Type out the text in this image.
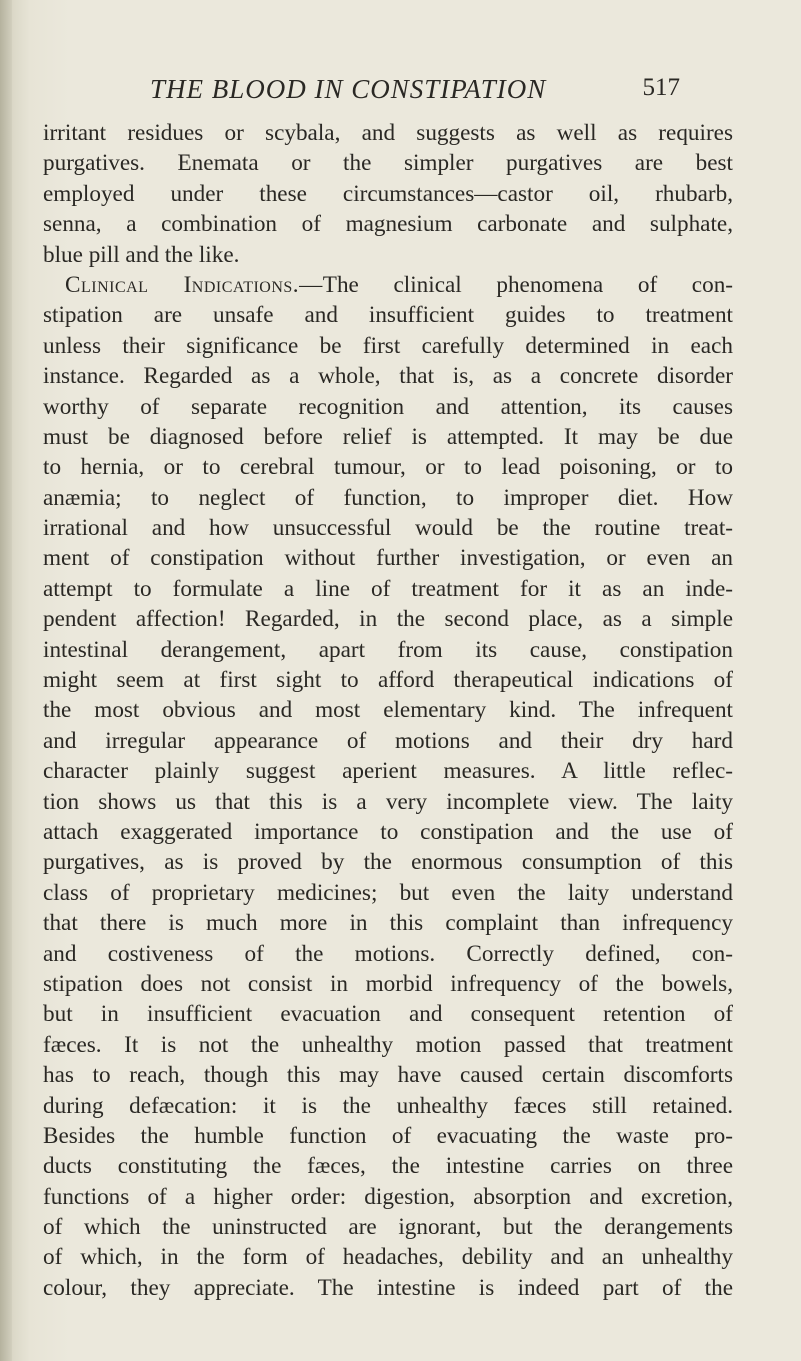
THE BLOOD IN CONSTIPATION	517
irritant residues or scybala, and suggests as well as requires
purgatives. Enemata or the simpler purgatives are best
employed under these circumstances—castor oil, rhubarb,
senna, a combination of magnesium carbonate and sulphate,
blue pill and the like.
Clinical Indications.—The clinical phenomena of con-
stipation are unsafe and insufficient guides to treatment
unless their significance be first carefully determined in each
instance. Regarded as a whole, that is, as a concrete disorder
worthy of separate recognition and attention, its causes
must be diagnosed before relief is attempted. It may be due
to hernia, or to cerebral tumour, or to lead poisoning, or to
anæmia; to neglect of function, to improper diet. How
irrational and how unsuccessful would be the routine treat-
ment of constipation without further investigation, or even an
attempt to formulate a line of treatment for it as an inde-
pendent affection! Regarded, in the second place, as a simple
intestinal derangement, apart from its cause, constipation
might seem at first sight to afford therapeutical indications of
the most obvious and most elementary kind. The infrequent
and irregular appearance of motions and their dry hard
character plainly suggest aperient measures. A little reflec-
tion shows us that this is a very incomplete view. The laity
attach exaggerated importance to constipation and the use of
purgatives, as is proved by the enormous consumption of this
class of proprietary medicines; but even the laity understand
that there is much more in this complaint than infrequency
and costiveness of the motions. Correctly defined, con-
stipation does not consist in morbid infrequency of the bowels,
but in insufficient evacuation and consequent retention of
fæces. It is not the unhealthy motion passed that treatment
has to reach, though this may have caused certain discomforts
during defæcation: it is the unhealthy fæces still retained.
Besides the humble function of evacuating the waste pro-
ducts constituting the fæces, the intestine carries on three
functions of a higher order: digestion, absorption and excretion,
of which the uninstructed are ignorant, but the derangements
of which, in the form of headaches, debility and an unhealthy
colour, they appreciate. The intestine is indeed part of the
